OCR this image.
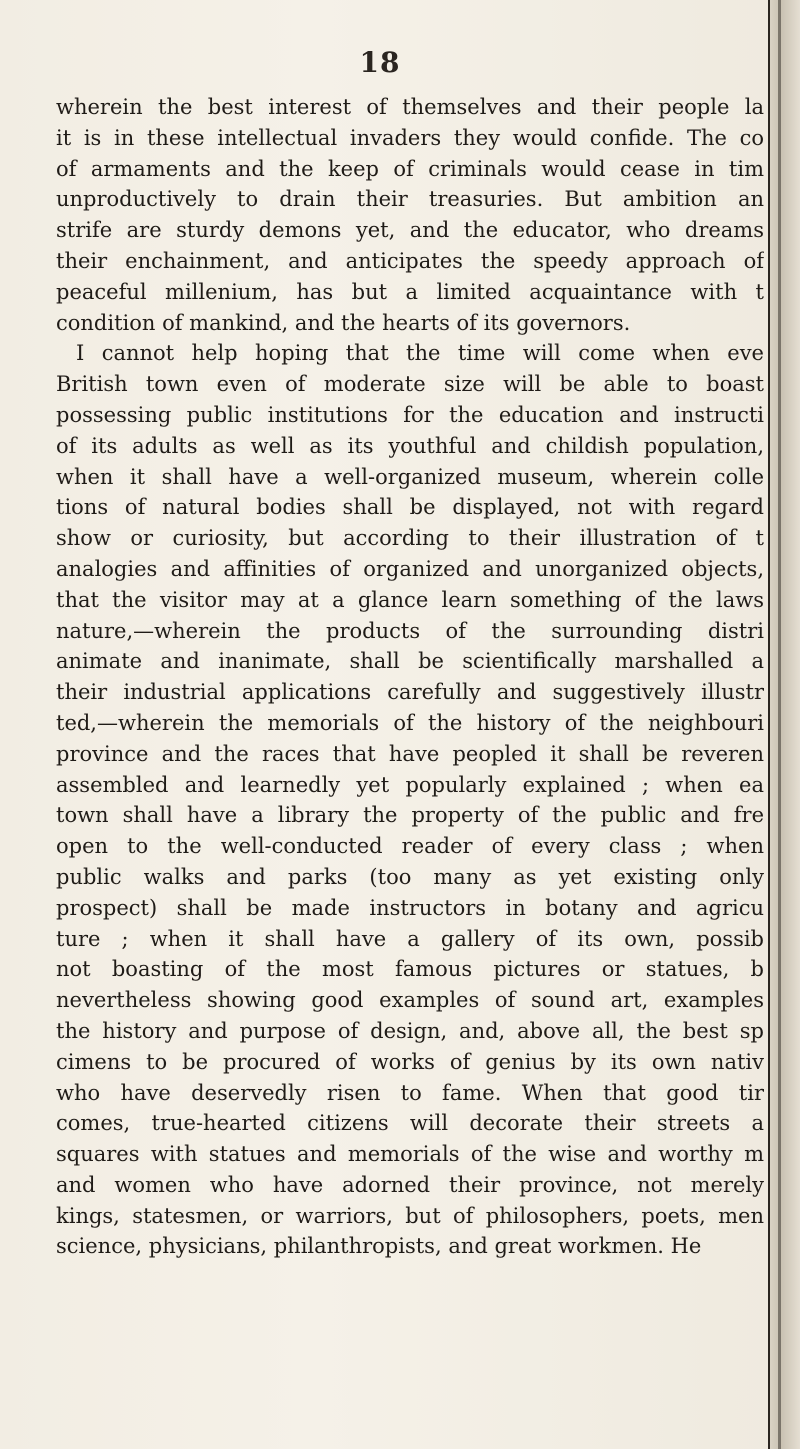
18
wherein the best interest of themselves and their people la
it is in these intellectual invaders they would confide. The co
of armaments and the keep of criminals would cease in tim
unproductively to drain their treasuries. But ambition an
strife are sturdy demons yet, and the educator, who dreams
their enchainment, and anticipates the speedy approach of
peaceful millenium, has but a limited acquaintance with t
condition of mankind, and the hearts of its governors.
I cannot help hoping that the time will come when eve
British town even of moderate size will be able to boast
possessing public institutions for the education and instructi
of its adults as well as its youthful and childish population,
when it shall have a well-organized museum, wherein colle
tions of natural bodies shall be displayed, not with regard
show or curiosity, but according to their illustration of t
analogies and affinities of organized and unorganized objects,
that the visitor may at a glance learn something of the laws
nature,—wherein the products of the surrounding distri
animate and inanimate, shall be scientifically marshalled a
their industrial applications carefully and suggestively illustr
ted,—wherein the memorials of the history of the neighbouri
province and the races that have peopled it shall be reveren
assembled and learnedly yet popularly explained ; when ea
town shall have a library the property of the public and fre
open to the well-conducted reader of every class ; when
public walks and parks (too many as yet existing only
prospect) shall be made instructors in botany and agricu
ture ; when it shall have a gallery of its own, possib
not boasting of the most famous pictures or statues, b
nevertheless showing good examples of sound art, examples
the history and purpose of design, and, above all, the best sp
cimens to be procured of works of genius by its own nativ
who have deservedly risen to fame. When that good tir
comes, true-hearted citizens will decorate their streets a
squares with statues and memorials of the wise and worthy m
and women who have adorned their province, not merely
kings, statesmen, or warriors, but of philosophers, poets, men
science, physicians, philanthropists, and great workmen. He
